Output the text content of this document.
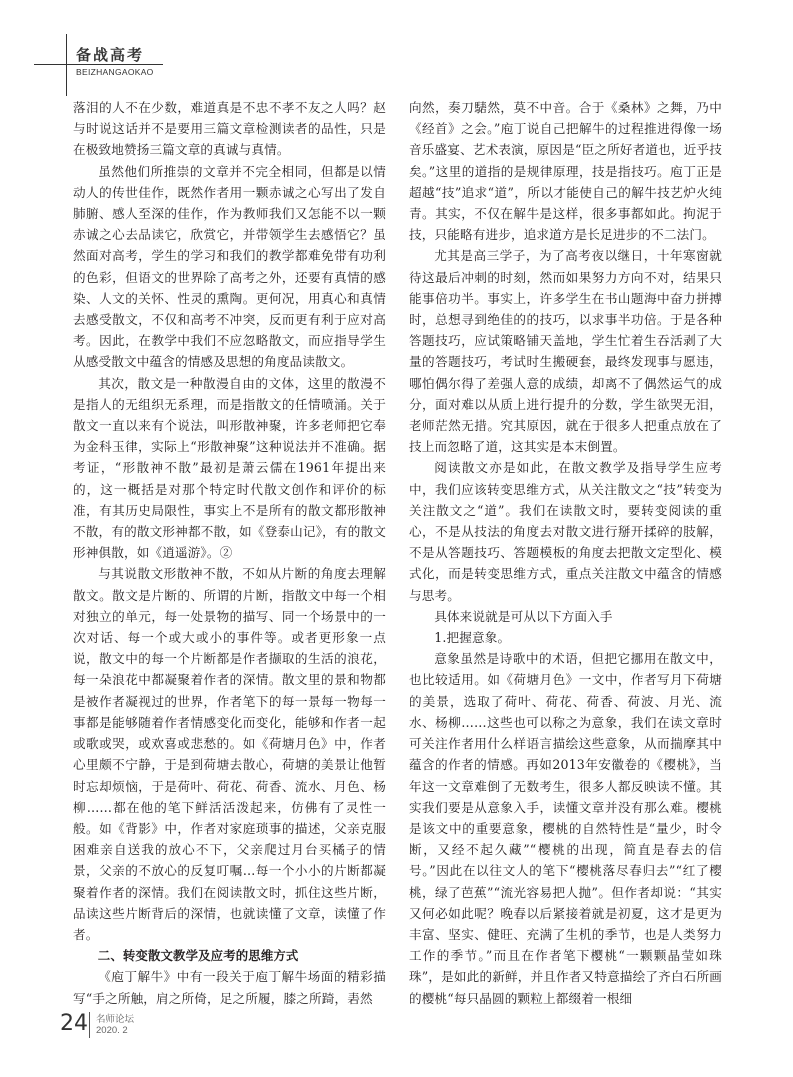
备战高考
BEIZHANGAOKAO

落泪的人不在少数，难道真是不忠不孝不友之人吗？赵与时说这话并不是要用三篇文章检测读者的品性，只是在极致地赞扬三篇文章的真诚与真情。

虽然他们所推崇的文章并不完全相同，但都是以情动人的传世佳作，既然作者用一颗赤诚之心写出了发自肺腑、感人至深的佳作，作为教师我们又怎能不以一颗赤诚之心去品读它，欣赏它，并带领学生去感悟它？虽然面对高考，学生的学习和我们的教学都难免带有功利的色彩，但语文的世界除了高考之外，还要有真情的感染、人文的关怀、性灵的熏陶。更何况，用真心和真情去感受散文，不仅和高考不冲突，反而更有利于应对高考。因此，在教学中我们不应忽略散文，而应指导学生从感受散文中蕴含的情感及思想的角度品读散文。

其次，散文是一种散漫自由的文体，这里的散漫不是指人的无组织无系理，而是指散文的任情喷涌。关于散文一直以来有个说法，叫形散神聚，许多老师把它奉为金科玉律，实际上“形散神聚”这种说法并不准确。据考证，“形散神不散”最初是萧云儒在1961年提出来的，这一概括是对那个特定时代散文创作和评价的标准，有其历史局限性，事实上不是所有的散文都形散神不散，有的散文形神都不散，如《登泰山记》，有的散文形神俱散，如《逍遥游》。②

与其说散文形散神不散，不如从片断的角度去理解散文。散文是片断的、所谓的片断，指散文中每一个相对独立的单元，每一处景物的描写、同一个场景中的一次对话、每一个或大或小的事件等。或者更形象一点说，散文中的每一个片断都是作者撷取的生活的浪花，每一朵浪花中都凝聚着作者的深情。散文里的景和物都是被作者凝视过的世界，作者笔下的每一景每一物每一事都是能够随着作者情感变化而变化，能够和作者一起或歌或哭，或欢喜或悲愁的。如《荷塘月色》中，作者心里颇不宁静，于是到荷塘去散心，荷塘的美景让他暂时忘却烦恼，于是荷叶、荷花、荷香、流水、月色、杨柳……都在他的笔下鲜活活泼起来，仿佛有了灵性一般。如《背影》中，作者对家庭琐事的描述，父亲克服困难亲自送我的放心不下，父亲爬过月台买橘子的情景，父亲的不放心的反复叮嘱…每一个小小的片断都凝聚着作者的深情。我们在阅读散文时，抓住这些片断，品读这些片断背后的深情，也就读懂了文章，读懂了作者。

二、转变散文教学及应考的思维方式

《庖丁解牛》中有一段关于庖丁解牛场面的精彩描写“手之所触，肩之所倚，足之所履，膝之所踦，砉然

向然，奏刀騞然，莫不中音。合于《桑林》之舞，乃中《经首》之会。”庖丁说自己把解牛的过程推进得像一场音乐盛宴、艺术表演，原因是“臣之所好者道也，近乎技矣。”这里的道指的是规律原理，技是指技巧。庖丁正是超越“技”追求“道”，所以才能使自己的解牛技艺炉火纯青。其实，不仅在解牛是这样，很多事都如此。拘泥于技，只能略有进步，追求道方是长足进步的不二法门。

尤其是高三学子，为了高考夜以继日，十年寒窗就待这最后冲刺的时刻，然而如果努力方向不对，结果只能事倍功半。事实上，许多学生在书山题海中奋力拼搏时，总想寻到绝佳的的技巧，以求事半功倍。于是各种答题技巧，应试策略铺天盖地，学生忙着生吞活剥了大量的答题技巧，考试时生搬硬套，最终发现事与愿违，哪怕偶尔得了差强人意的成绩，却离不了偶然运气的成分，面对难以从质上进行提升的分数，学生欲哭无泪，老师茫然无措。究其原因，就在于很多人把重点放在了技上而忽略了道，这其实是本末倒置。

阅读散文亦是如此，在散文教学及指导学生应考中，我们应该转变思维方式，从关注散文之“技”转变为关注散文之“道”。我们在读散文时，要转变阅读的重心，不是从技法的角度去对散文进行掰开揉碎的肢解，不是从答题技巧、答题模板的角度去把散文定型化、模式化，而是转变思维方式，重点关注散文中蕴含的情感与思考。

具体来说就是可从以下方面入手

1.把握意象。

意象虽然是诗歌中的术语，但把它挪用在散文中，也比较适用。如《荷塘月色》一文中，作者写月下荷塘的美景，选取了荷叶、荷花、荷香、荷波、月光、流水、杨柳……这些也可以称之为意象，我们在读文章时可关注作者用什么样语言描绘这些意象，从而揣摩其中蕴含的作者的情感。再如2013年安徽卷的《樱桃》，当年这一文章难倒了无数考生，很多人都反映读不懂。其实我们要是从意象入手，读懂文章并没有那么难。樱桃是该文中的重要意象，樱桃的自然特性是“量少，时令断，又经不起久藏”“樱桃的出现，简直是春去的信号。”因此在以往文人的笔下“樱桃落尽春归去”“红了樱桃，绿了芭蕉”“流光容易把人抛”。但作者却说：“其实又何必如此呢？晚春以后紧接着就是初夏，这才是更为丰富、坚实、健旺、充满了生机的季节，也是人类努力工作的季节。”而且在作者笔下樱桃“一颗颗晶莹如珠珠”，是如此的新鲜，并且作者又特意描绘了齐白石所画的樱桃“每只晶圆的颗粒上都缀着一根细

24 名师论坛
2020. 2
